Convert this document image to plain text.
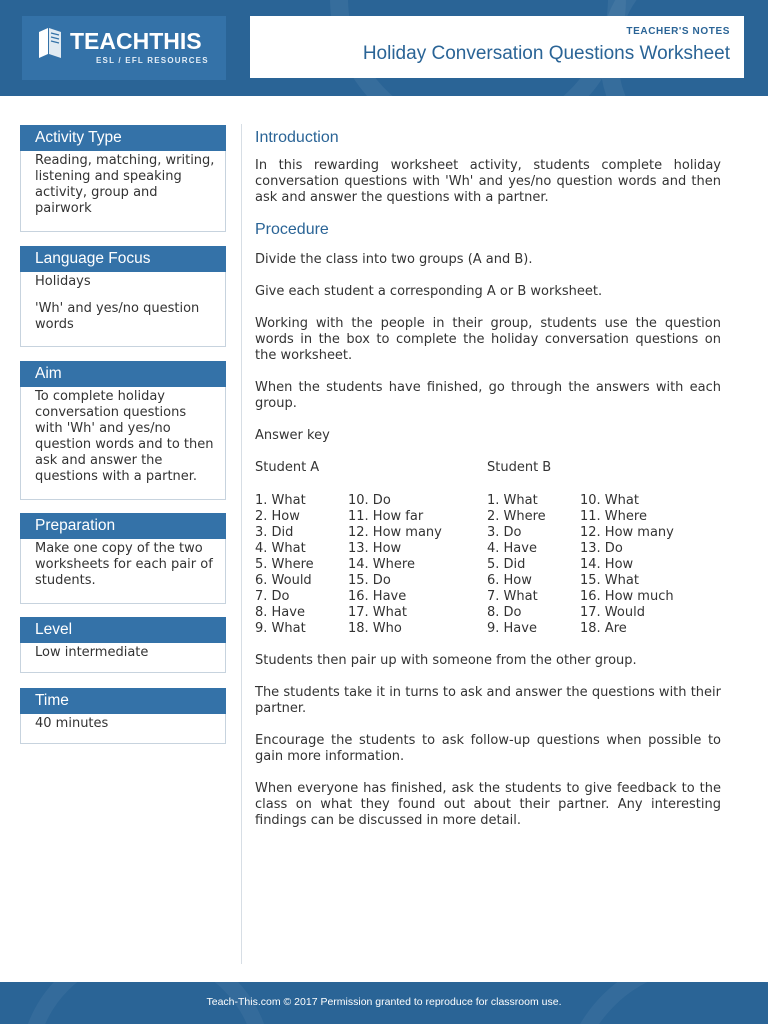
TEACHTHIS
ESL / EFL RESOURCES
TEACHER'S NOTES
Holiday Conversation Questions Worksheet
Activity Type

Reading, matching, writing, listening and speaking activity, group and pairwork

Language Focus

Holidays

'Wh' and yes/no question words

Aim

To complete holiday conversation questions with 'Wh' and yes/no question words and to then ask and answer the questions with a partner.

Preparation

Make one copy of the two worksheets for each pair of students.

Level

Low intermediate

Time

40 minutes

Introduction

In this rewarding worksheet activity, students complete holiday conversation questions with 'Wh' and yes/no question words and then ask and answer the questions with a partner.

Procedure

Divide the class into two groups (A and B).

Give each student a corresponding A or B worksheet.

Working with the people in their group, students use the question words in the box to complete the holiday conversation questions on the worksheet.

When the students have finished, go through the answers with each group.

Answer key

Student A	Student B
1. What
2. How
3. Did
4. What
5. Where
6. Would
7. Do
8. Have
9. What
10. Do
11. How far
12. How many
13. How
14. Where
15. Do
16. Have
17. What
18. Who
1. What
2. Where
3. Do
4. Have
5. Did
6. How
7. What
8. Do
9. Have
10. What
11. Where
12. How many
13. Do
14. How
15. What
16. How much
17. Would
18. Are

Students then pair up with someone from the other group.

The students take it in turns to ask and answer the questions with their partner.

Encourage the students to ask follow-up questions when possible to gain more information.

When everyone has finished, ask the students to give feedback to the class on what they found out about their partner. Any interesting findings can be discussed in more detail.

Teach-This.com © 2017 Permission granted to reproduce for classroom use.
